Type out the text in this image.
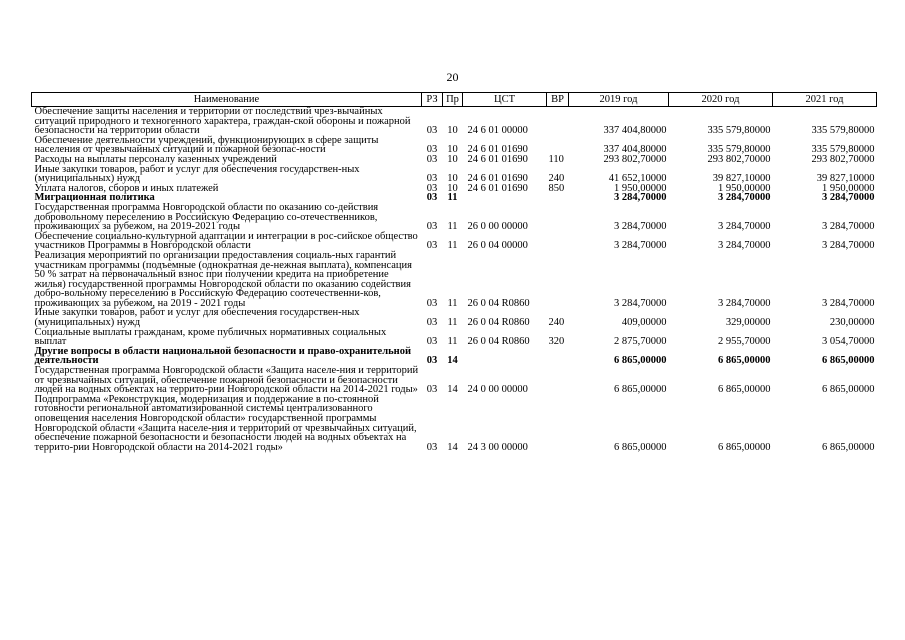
20
Наименование	РЗ	Пр	ЦСТ	ВР	2019 год	2020 год	2021 год
Обеспечение защиты населения и территории от последствий чрез-вычайных ситуаций природного и техногенного характера, граждан-ской обороны и пожарной безопасности на территории области	03	10	24 6 01 00000		337 404,80000	335 579,80000	335 579,80000
Обеспечение деятельности учреждений, функционирующих в сфере защиты населения от чрезвычайных ситуаций и пожарной безопас-ности	03	10	24 6 01 01690		337 404,80000	335 579,80000	335 579,80000
Расходы на выплаты персоналу казенных учреждений	03	10	24 6 01 01690	110	293 802,70000	293 802,70000	293 802,70000
Иные закупки товаров, работ и услуг для обеспечения государствен-ных (муниципальных) нужд	03	10	24 6 01 01690	240	41 652,10000	39 827,10000	39 827,10000
Уплата налогов, сборов и иных платежей	03	10	24 6 01 01690	850	1 950,00000	1 950,00000	1 950,00000
Миграционная политика	03	11			3 284,70000	3 284,70000	3 284,70000
Государственная программа Новгородской области по оказанию со-действия добровольному переселению в Российскую Федерацию со-отечественников, проживающих за рубежом, на 2019-2021 годы	03	11	26 0 00 00000		3 284,70000	3 284,70000	3 284,70000
Обеспечение социально-культурной адаптации и интеграции в рос-сийское общество участников Программы в Новгородской области	03	11	26 0 04 00000		3 284,70000	3 284,70000	3 284,70000
Реализация мероприятий по организации предоставления социаль-ных гарантий участникам программы (подъемные (однократная де-нежная выплата), компенсация 50 % затрат на первоначальный взнос при получении кредита на приобретение жилья) государственной программы Новгородской области по оказанию содействия добро-вольному переселению в Российскую Федерацию соотечественни-ков, проживающих за рубежом, на 2019 - 2021 годы	03	11	26 0 04 R0860		3 284,70000	3 284,70000	3 284,70000
Иные закупки товаров, работ и услуг для обеспечения государствен-ных (муниципальных) нужд	03	11	26 0 04 R0860	240	409,00000	329,00000	230,00000
Социальные выплаты гражданам, кроме публичных нормативных социальных выплат	03	11	26 0 04 R0860	320	2 875,70000	2 955,70000	3 054,70000
Другие вопросы в области национальной безопасности и право-охранительной деятельности	03	14			6 865,00000	6 865,00000	6 865,00000
Государственная программа Новгородской области «Защита населе-ния и территорий от чрезвычайных ситуаций, обеспечение пожарной безопасности и безопасности людей на водных объектах на террито-рии Новгородской области на 2014-2021 годы»	03	14	24 0 00 00000		6 865,00000	6 865,00000	6 865,00000
Подпрограмма «Реконструкция, модернизация и поддержание в по-стоянной готовности региональной автоматизированной системы централизованного оповещения населения Новгородской области» государственной программы Новгородской области «Защита населе-ния и территорий от чрезвычайных ситуаций, обеспечение пожарной безопасности и безопасности людей на водных объектах на террито-рии Новгородской области на 2014-2021 годы»	03	14	24 3 00 00000		6 865,00000	6 865,00000	6 865,00000
